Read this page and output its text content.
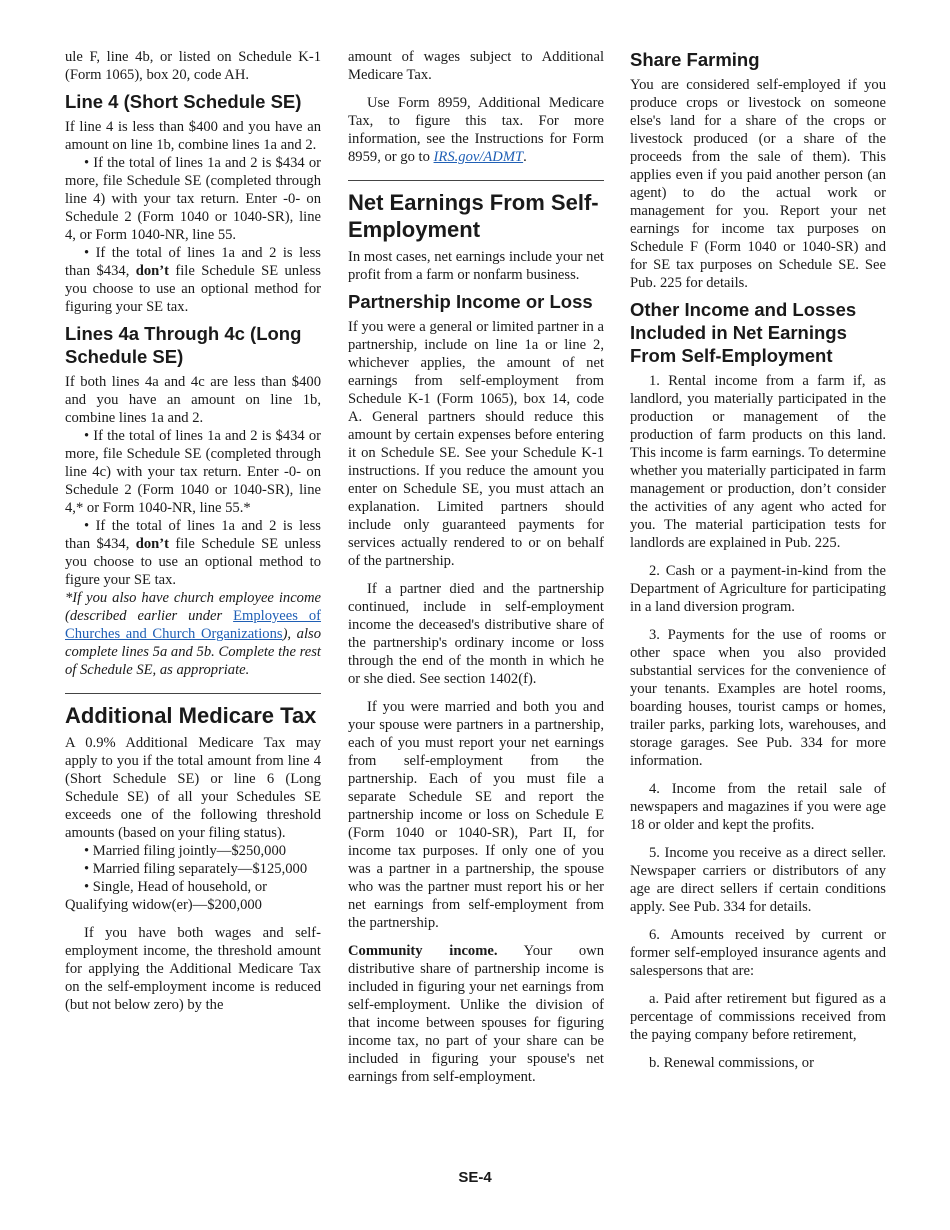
ule F, line 4b, or listed on Schedule K-1 (Form 1065), box 20, code AH.

Line 4 (Short Schedule SE)

If line 4 is less than $400 and you have an amount on line 1b, combine lines 1a and 2.

• If the total of lines 1a and 2 is $434 or more, file Schedule SE (completed through line 4) with your tax return. Enter -0- on Schedule 2 (Form 1040 or 1040-SR), line 4, or Form 1040-NR, line 55.

• If the total of lines 1a and 2 is less than $434, don’t file Schedule SE unless you choose to use an optional method for figuring your SE tax.

Lines 4a Through 4c (Long Schedule SE)

If both lines 4a and 4c are less than $400 and you have an amount on line 1b, combine lines 1a and 2.

• If the total of lines 1a and 2 is $434 or more, file Schedule SE (completed through line 4c) with your tax return. Enter -0- on Schedule 2 (Form 1040 or 1040-SR), line 4,* or Form 1040-NR, line 55.*

• If the total of lines 1a and 2 is less than $434, don’t file Schedule SE unless you choose to use an optional method to figure your SE tax.

*If you also have church employee income (described earlier under Employees of Churches and Church Organizations), also complete lines 5a and 5b. Complete the rest of Schedule SE, as appropriate.

Additional Medicare Tax

A 0.9% Additional Medicare Tax may apply to you if the total amount from line 4 (Short Schedule SE) or line 6 (Long Schedule SE) of all your Schedules SE exceeds one of the following threshold amounts (based on your filing status).

• Married filing jointly—$250,000

• Married filing separately—$125,000

• Single, Head of household, or Qualifying widow(er)—$200,000

If you have both wages and self-employment income, the threshold amount for applying the Additional Medicare Tax on the self-employment income is reduced (but not below zero) by the

amount of wages subject to Additional Medicare Tax.

Use Form 8959, Additional Medicare Tax, to figure this tax. For more information, see the Instructions for Form 8959, or go to IRS.gov/ADMT.

Net Earnings From Self-Employment

In most cases, net earnings include your net profit from a farm or nonfarm business.

Partnership Income or Loss

If you were a general or limited partner in a partnership, include on line 1a or line 2, whichever applies, the amount of net earnings from self-employment from Schedule K-1 (Form 1065), box 14, code A. General partners should reduce this amount by certain expenses before entering it on Schedule SE. See your Schedule K-1 instructions. If you reduce the amount you enter on Schedule SE, you must attach an explanation. Limited partners should include only guaranteed payments for services actually rendered to or on behalf of the partnership.

If a partner died and the partnership continued, include in self-employment income the deceased's distributive share of the partnership's ordinary income or loss through the end of the month in which he or she died. See section 1402(f).

If you were married and both you and your spouse were partners in a partnership, each of you must report your net earnings from self-employment from the partnership. Each of you must file a separate Schedule SE and report the partnership income or loss on Schedule E (Form 1040 or 1040-SR), Part II, for income tax purposes. If only one of you was a partner in a partnership, the spouse who was the partner must report his or her net earnings from self-employment from the partnership.

Community income. Your own distributive share of partnership income is included in figuring your net earnings from self-employment. Unlike the division of that income between spouses for figuring income tax, no part of your share can be included in figuring your spouse's net earnings from self-employment.

Share Farming

You are considered self-employed if you produce crops or livestock on someone else's land for a share of the crops or livestock produced (or a share of the proceeds from the sale of them). This applies even if you paid another person (an agent) to do the actual work or management for you. Report your net earnings for income tax purposes on Schedule F (Form 1040 or 1040-SR) and for SE tax purposes on Schedule SE. See Pub. 225 for details.

Other Income and Losses Included in Net Earnings From Self-Employment

1. Rental income from a farm if, as landlord, you materially participated in the production or management of the production of farm products on this land. This income is farm earnings. To determine whether you materially participated in farm management or production, don’t consider the activities of any agent who acted for you. The material participation tests for landlords are explained in Pub. 225.

2. Cash or a payment-in-kind from the Department of Agriculture for participating in a land diversion program.

3. Payments for the use of rooms or other space when you also provided substantial services for the convenience of your tenants. Examples are hotel rooms, boarding houses, tourist camps or homes, trailer parks, parking lots, warehouses, and storage garages. See Pub. 334 for more information.

4. Income from the retail sale of newspapers and magazines if you were age 18 or older and kept the profits.

5. Income you receive as a direct seller. Newspaper carriers or distributors of any age are direct sellers if certain conditions apply. See Pub. 334 for details.

6. Amounts received by current or former self-employed insurance agents and salespersons that are:

a. Paid after retirement but figured as a percentage of commissions received from the paying company before retirement,

b. Renewal commissions, or

SE-4
